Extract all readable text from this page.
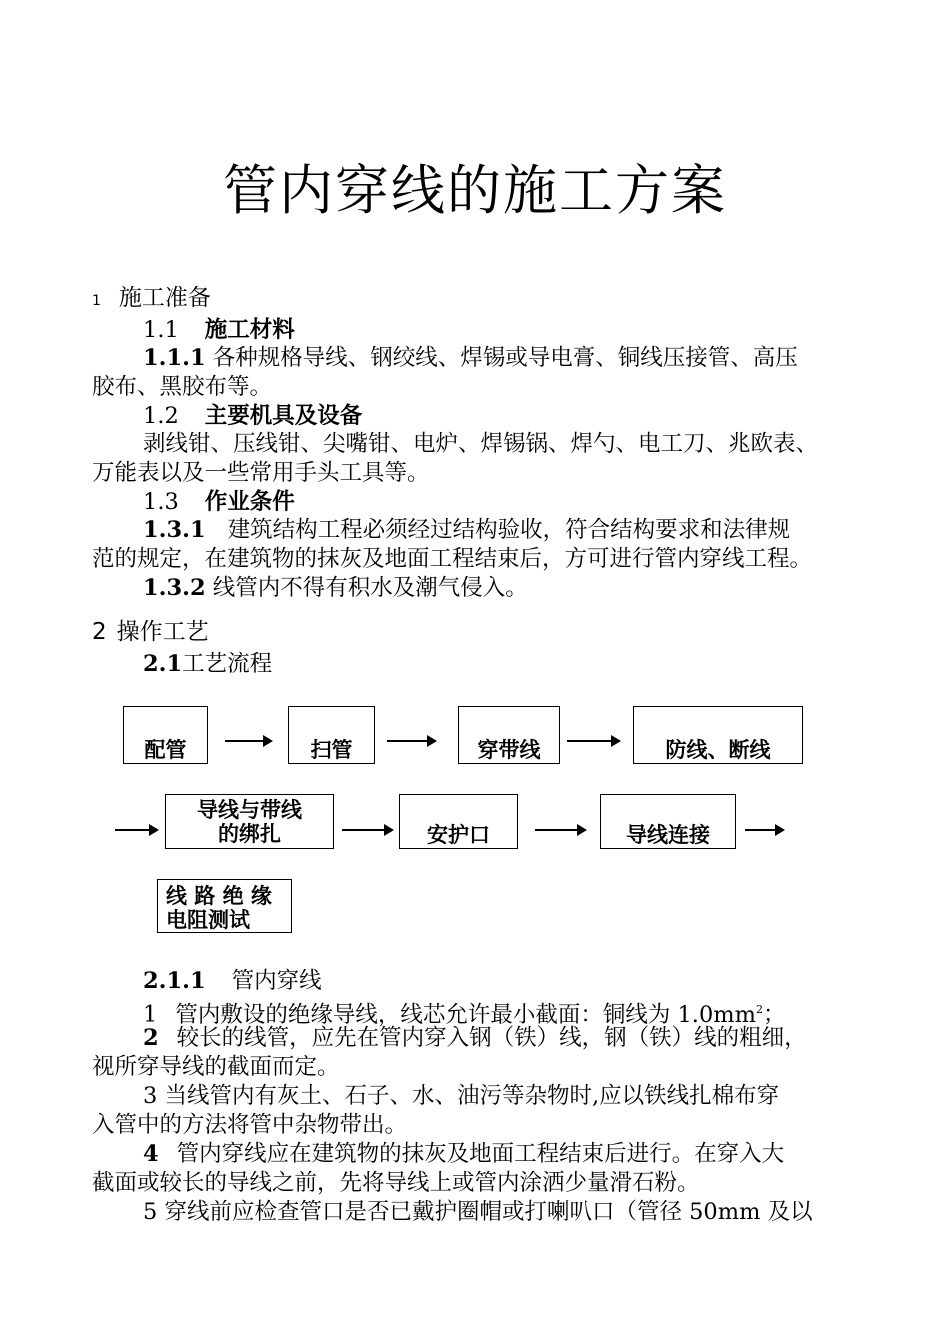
管内穿线的施工方案
1 施工准备
1.1 施工材料
1.1.1 各种规格导线、钢绞线、焊锡或导电膏、铜线压接管、高压
胶布、黑胶布等。
1.2 主要机具及设备
剥线钳、压线钳、尖嘴钳、电炉、焊锡锅、焊勺、电工刀、兆欧表、
万能表以及一些常用手头工具等。
1.3 作业条件
1.3.1 建筑结构工程必须经过结构验收，符合结构要求和法律规
范的规定，在建筑物的抹灰及地面工程结束后，方可进行管内穿线工程。
1.3.2 线管内不得有积水及潮气侵入。
2 操作工艺
2.1工艺流程
配管	扫管	穿带线	防线、断线
导线与带线
的绑扎	安护口	导线连接
线 路 绝 缘
电阻测试
2.1.1 管内穿线
1 管内敷设的绝缘导线，线芯允许最小截面：铜线为 $1.0mm^2$；
2 较长的线管，应先在管内穿入钢（铁）线，钢（铁）线的粗细，
视所穿导线的截面而定。
3 当线管内有灰土、石子、水、油污等杂物时,应以铁线扎棉布穿
入管中的方法将管中杂物带出。
4 管内穿线应在建筑物的抹灰及地面工程结束后进行。在穿入大
截面或较长的导线之前，先将导线上或管内涂洒少量滑石粉。
5 穿线前应检查管口是否已戴护圈帽或打喇叭口（管径 50mm 及以
